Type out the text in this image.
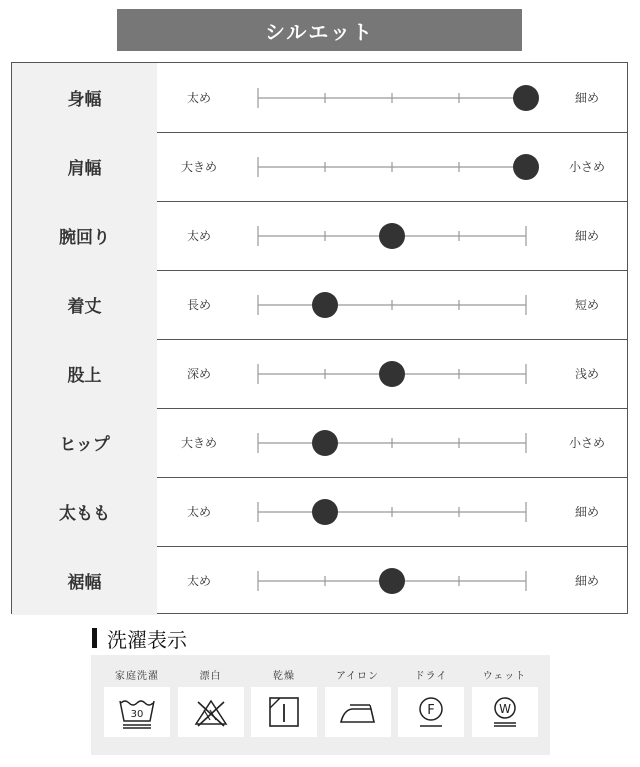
シルエット
身幅	太め	細め
肩幅	大きめ	小さめ
腕回り	太め	細め
着丈	長め	短め
股上	深め	浅め
ヒップ	大きめ	小さめ
太もも	太め	細め
裾幅	太め	細め
洗濯表示
家庭洗濯
30
漂白	乾燥	アイロン	ドライ
F
ウェット
W
